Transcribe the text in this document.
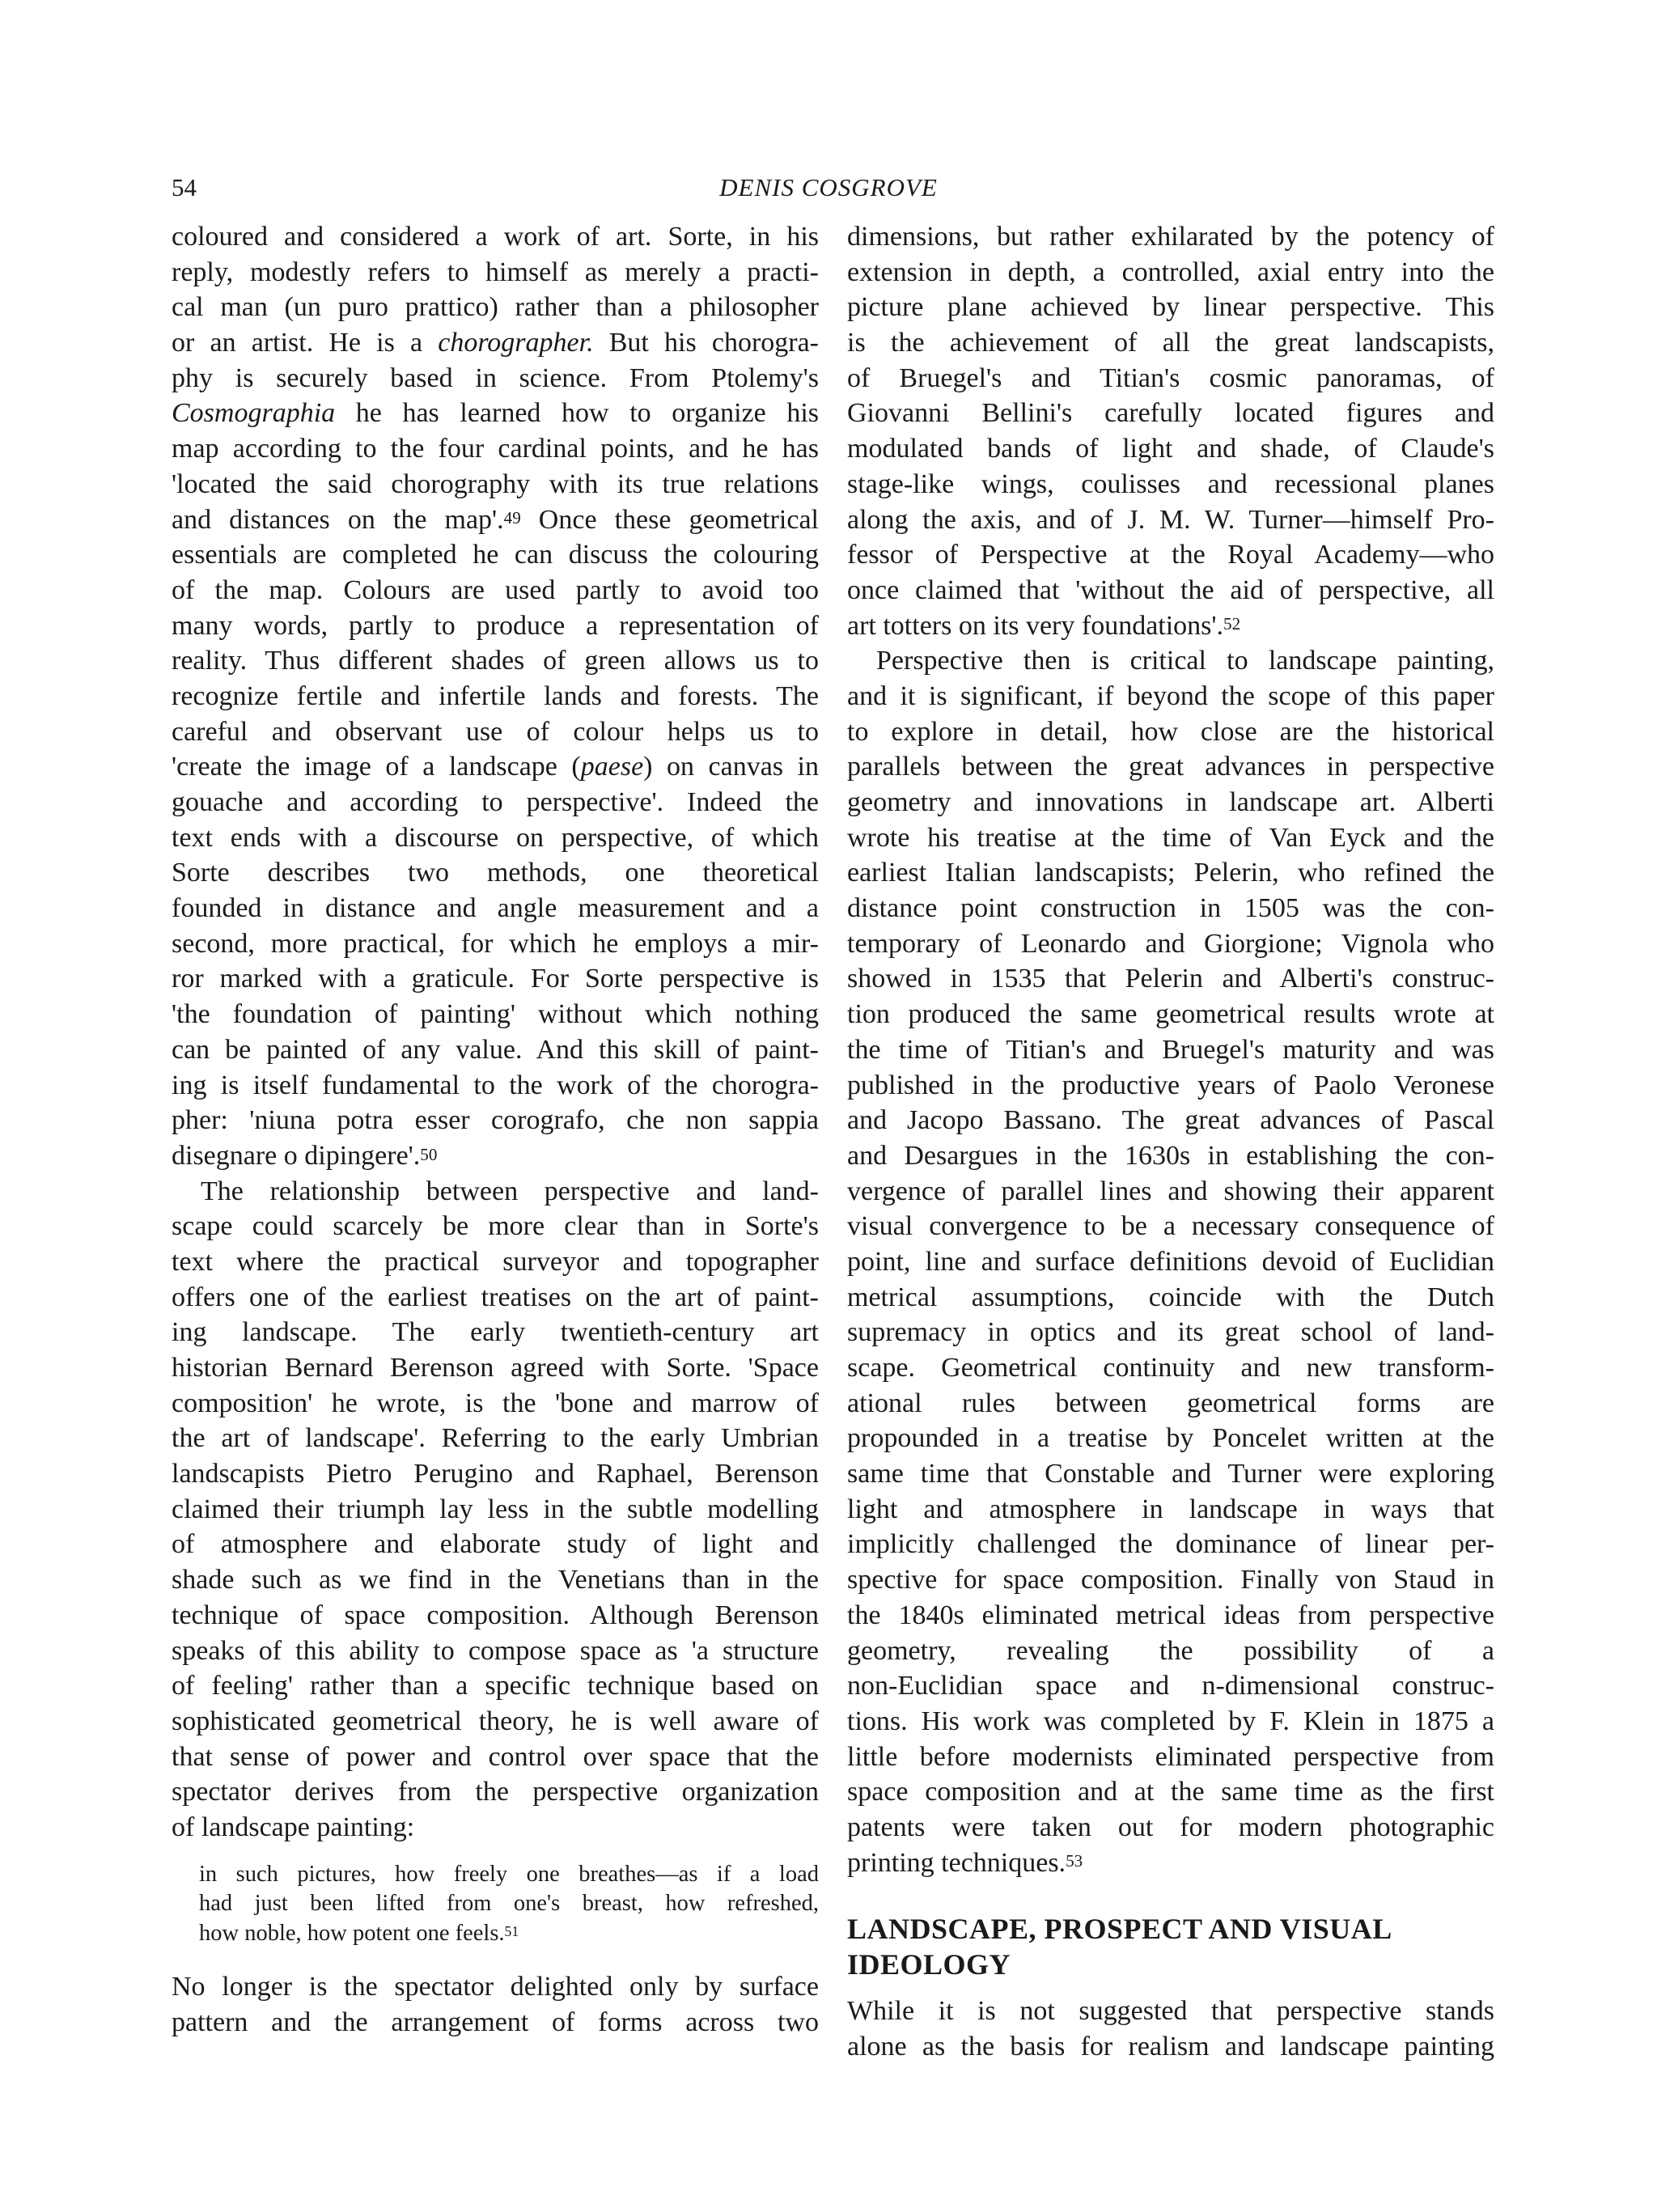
54	DENIS COSGROVE
coloured and considered a work of art. Sorte, in his
reply, modestly refers to himself as merely a practi-
cal man (un puro prattico) rather than a philosopher
or an artist. He is a chorographer. But his chorogra-
phy is securely based in science. From Ptolemy's
Cosmographia he has learned how to organize his
map according to the four cardinal points, and he has
'located the said chorography with its true relations
and distances on the map'.$^{49}$ Once these geometrical
essentials are completed he can discuss the colouring
of the map. Colours are used partly to avoid too
many words, partly to produce a representation of
reality. Thus different shades of green allows us to
recognize fertile and infertile lands and forests. The
careful and observant use of colour helps us to
'create the image of a landscape (paese) on canvas in
gouache and according to perspective'. Indeed the
text ends with a discourse on perspective, of which
Sorte describes two methods, one theoretical
founded in distance and angle measurement and a
second, more practical, for which he employs a mir-
ror marked with a graticule. For Sorte perspective is
'the foundation of painting' without which nothing
can be painted of any value. And this skill of paint-
ing is itself fundamental to the work of the chorogra-
pher: 'niuna potra esser corografo, che non sappia
disegnare o dipingere'.$^{50}$
The relationship between perspective and land-
scape could scarcely be more clear than in Sorte's
text where the practical surveyor and topographer
offers one of the earliest treatises on the art of paint-
ing landscape. The early twentieth-century art
historian Bernard Berenson agreed with Sorte. 'Space
composition' he wrote, is the 'bone and marrow of
the art of landscape'. Referring to the early Umbrian
landscapists Pietro Perugino and Raphael, Berenson
claimed their triumph lay less in the subtle modelling
of atmosphere and elaborate study of light and
shade such as we find in the Venetians than in the
technique of space composition. Although Berenson
speaks of this ability to compose space as 'a structure
of feeling' rather than a specific technique based on
sophisticated geometrical theory, he is well aware of
that sense of power and control over space that the
spectator derives from the perspective organization
of landscape painting:
in such pictures, how freely one breathes—as if a load
had just been lifted from one's breast, how refreshed,
how noble, how potent one feels.$^{51}$
No longer is the spectator delighted only by surface
pattern and the arrangement of forms across two
dimensions, but rather exhilarated by the potency of
extension in depth, a controlled, axial entry into the
picture plane achieved by linear perspective. This
is the achievement of all the great landscapists,
of Bruegel's and Titian's cosmic panoramas, of
Giovanni Bellini's carefully located figures and
modulated bands of light and shade, of Claude's
stage-like wings, coulisses and recessional planes
along the axis, and of J. M. W. Turner—himself Pro-
fessor of Perspective at the Royal Academy—who
once claimed that 'without the aid of perspective, all
art totters on its very foundations'.$^{52}$
Perspective then is critical to landscape painting,
and it is significant, if beyond the scope of this paper
to explore in detail, how close are the historical
parallels between the great advances in perspective
geometry and innovations in landscape art. Alberti
wrote his treatise at the time of Van Eyck and the
earliest Italian landscapists; Pelerin, who refined the
distance point construction in 1505 was the con-
temporary of Leonardo and Giorgione; Vignola who
showed in 1535 that Pelerin and Alberti's construc-
tion produced the same geometrical results wrote at
the time of Titian's and Bruegel's maturity and was
published in the productive years of Paolo Veronese
and Jacopo Bassano. The great advances of Pascal
and Desargues in the 1630s in establishing the con-
vergence of parallel lines and showing their apparent
visual convergence to be a necessary consequence of
point, line and surface definitions devoid of Euclidian
metrical assumptions, coincide with the Dutch
supremacy in optics and its great school of land-
scape. Geometrical continuity and new transform-
ational rules between geometrical forms are
propounded in a treatise by Poncelet written at the
same time that Constable and Turner were exploring
light and atmosphere in landscape in ways that
implicitly challenged the dominance of linear per-
spective for space composition. Finally von Staud in
the 1840s eliminated metrical ideas from perspective
geometry, revealing the possibility of a
non-Euclidian space and n-dimensional construc-
tions. His work was completed by F. Klein in 1875 a
little before modernists eliminated perspective from
space composition and at the same time as the first
patents were taken out for modern photographic
printing techniques.$^{53}$
LANDSCAPE, PROSPECT AND VISUAL
IDEOLOGY
While it is not suggested that perspective stands
alone as the basis for realism and landscape painting
